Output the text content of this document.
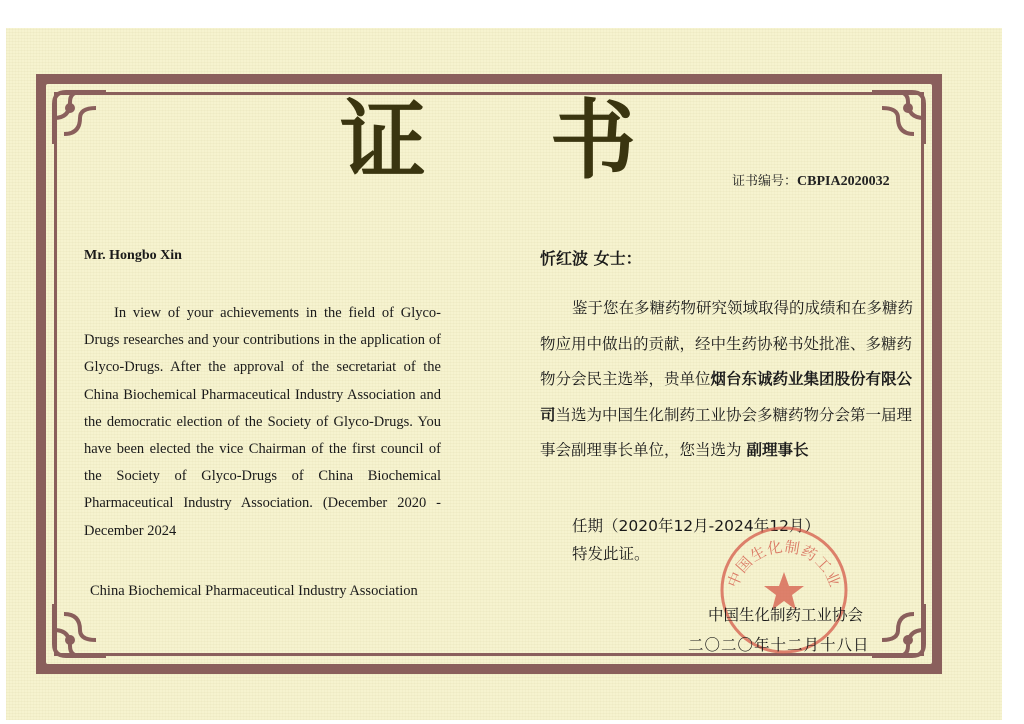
证 书	证书编号：CBPIA2020032
Mr. Hongbo Xin
In view of your achievements in the field of Glyco-Drugs researches and your contributions in the application of Glyco-Drugs. After the approval of the secretariat of the China Biochemical Pharmaceutical Industry Association and the democratic election of the Society of Glyco-Drugs. You have been elected the vice Chairman of the first council of the Society of Glyco-Drugs of China Biochemical Pharmaceutical Industry Association. (December 2020 - December 2024
China Biochemical Pharmaceutical Industry Association
忻红波 女士：
鉴于您在多糖药物研究领域取得的成绩和在多糖药物应用中做出的贡献，经中生药协秘书处批准、多糖药物分会民主选举，贵单位烟台东诚药业集团股份有限公司当选为中国生化制药工业协会多糖药物分会第一届理事会副理事长单位，您当选为 副理事长
任期（2020年12月-2024年12月）
特发此证。
中国生化制药工业
中国生化制药工业协会
二〇二〇年十二月十八日
